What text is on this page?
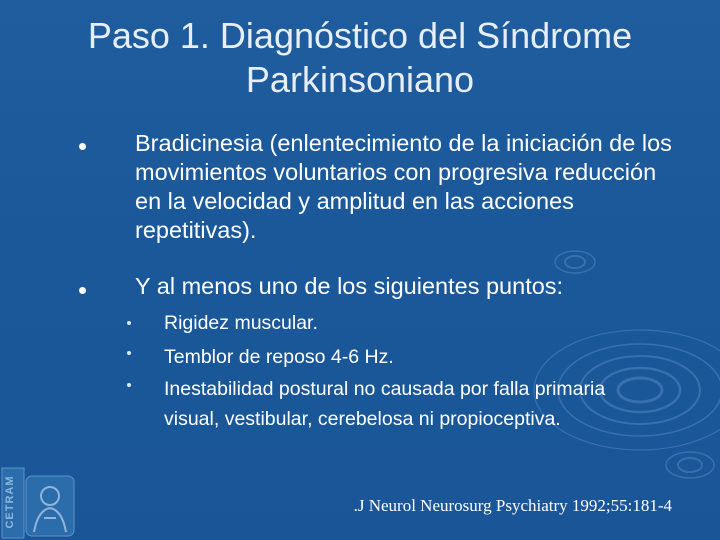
Paso 1. Diagnóstico del Síndrome Parkinsoniano
Bradicinesia (enlentecimiento de la iniciación de los movimientos voluntarios con progresiva reducción en la velocidad y amplitud en las acciones repetitivas).
Y al menos uno de los siguientes puntos:
Rigidez muscular.
Temblor de reposo 4-6 Hz.
Inestabilidad postural no causada por falla primaria visual, vestibular, cerebelosa ni propioceptiva.
.J Neurol Neurosurg Psychiatry 1992;55:181-4
CETRAM
